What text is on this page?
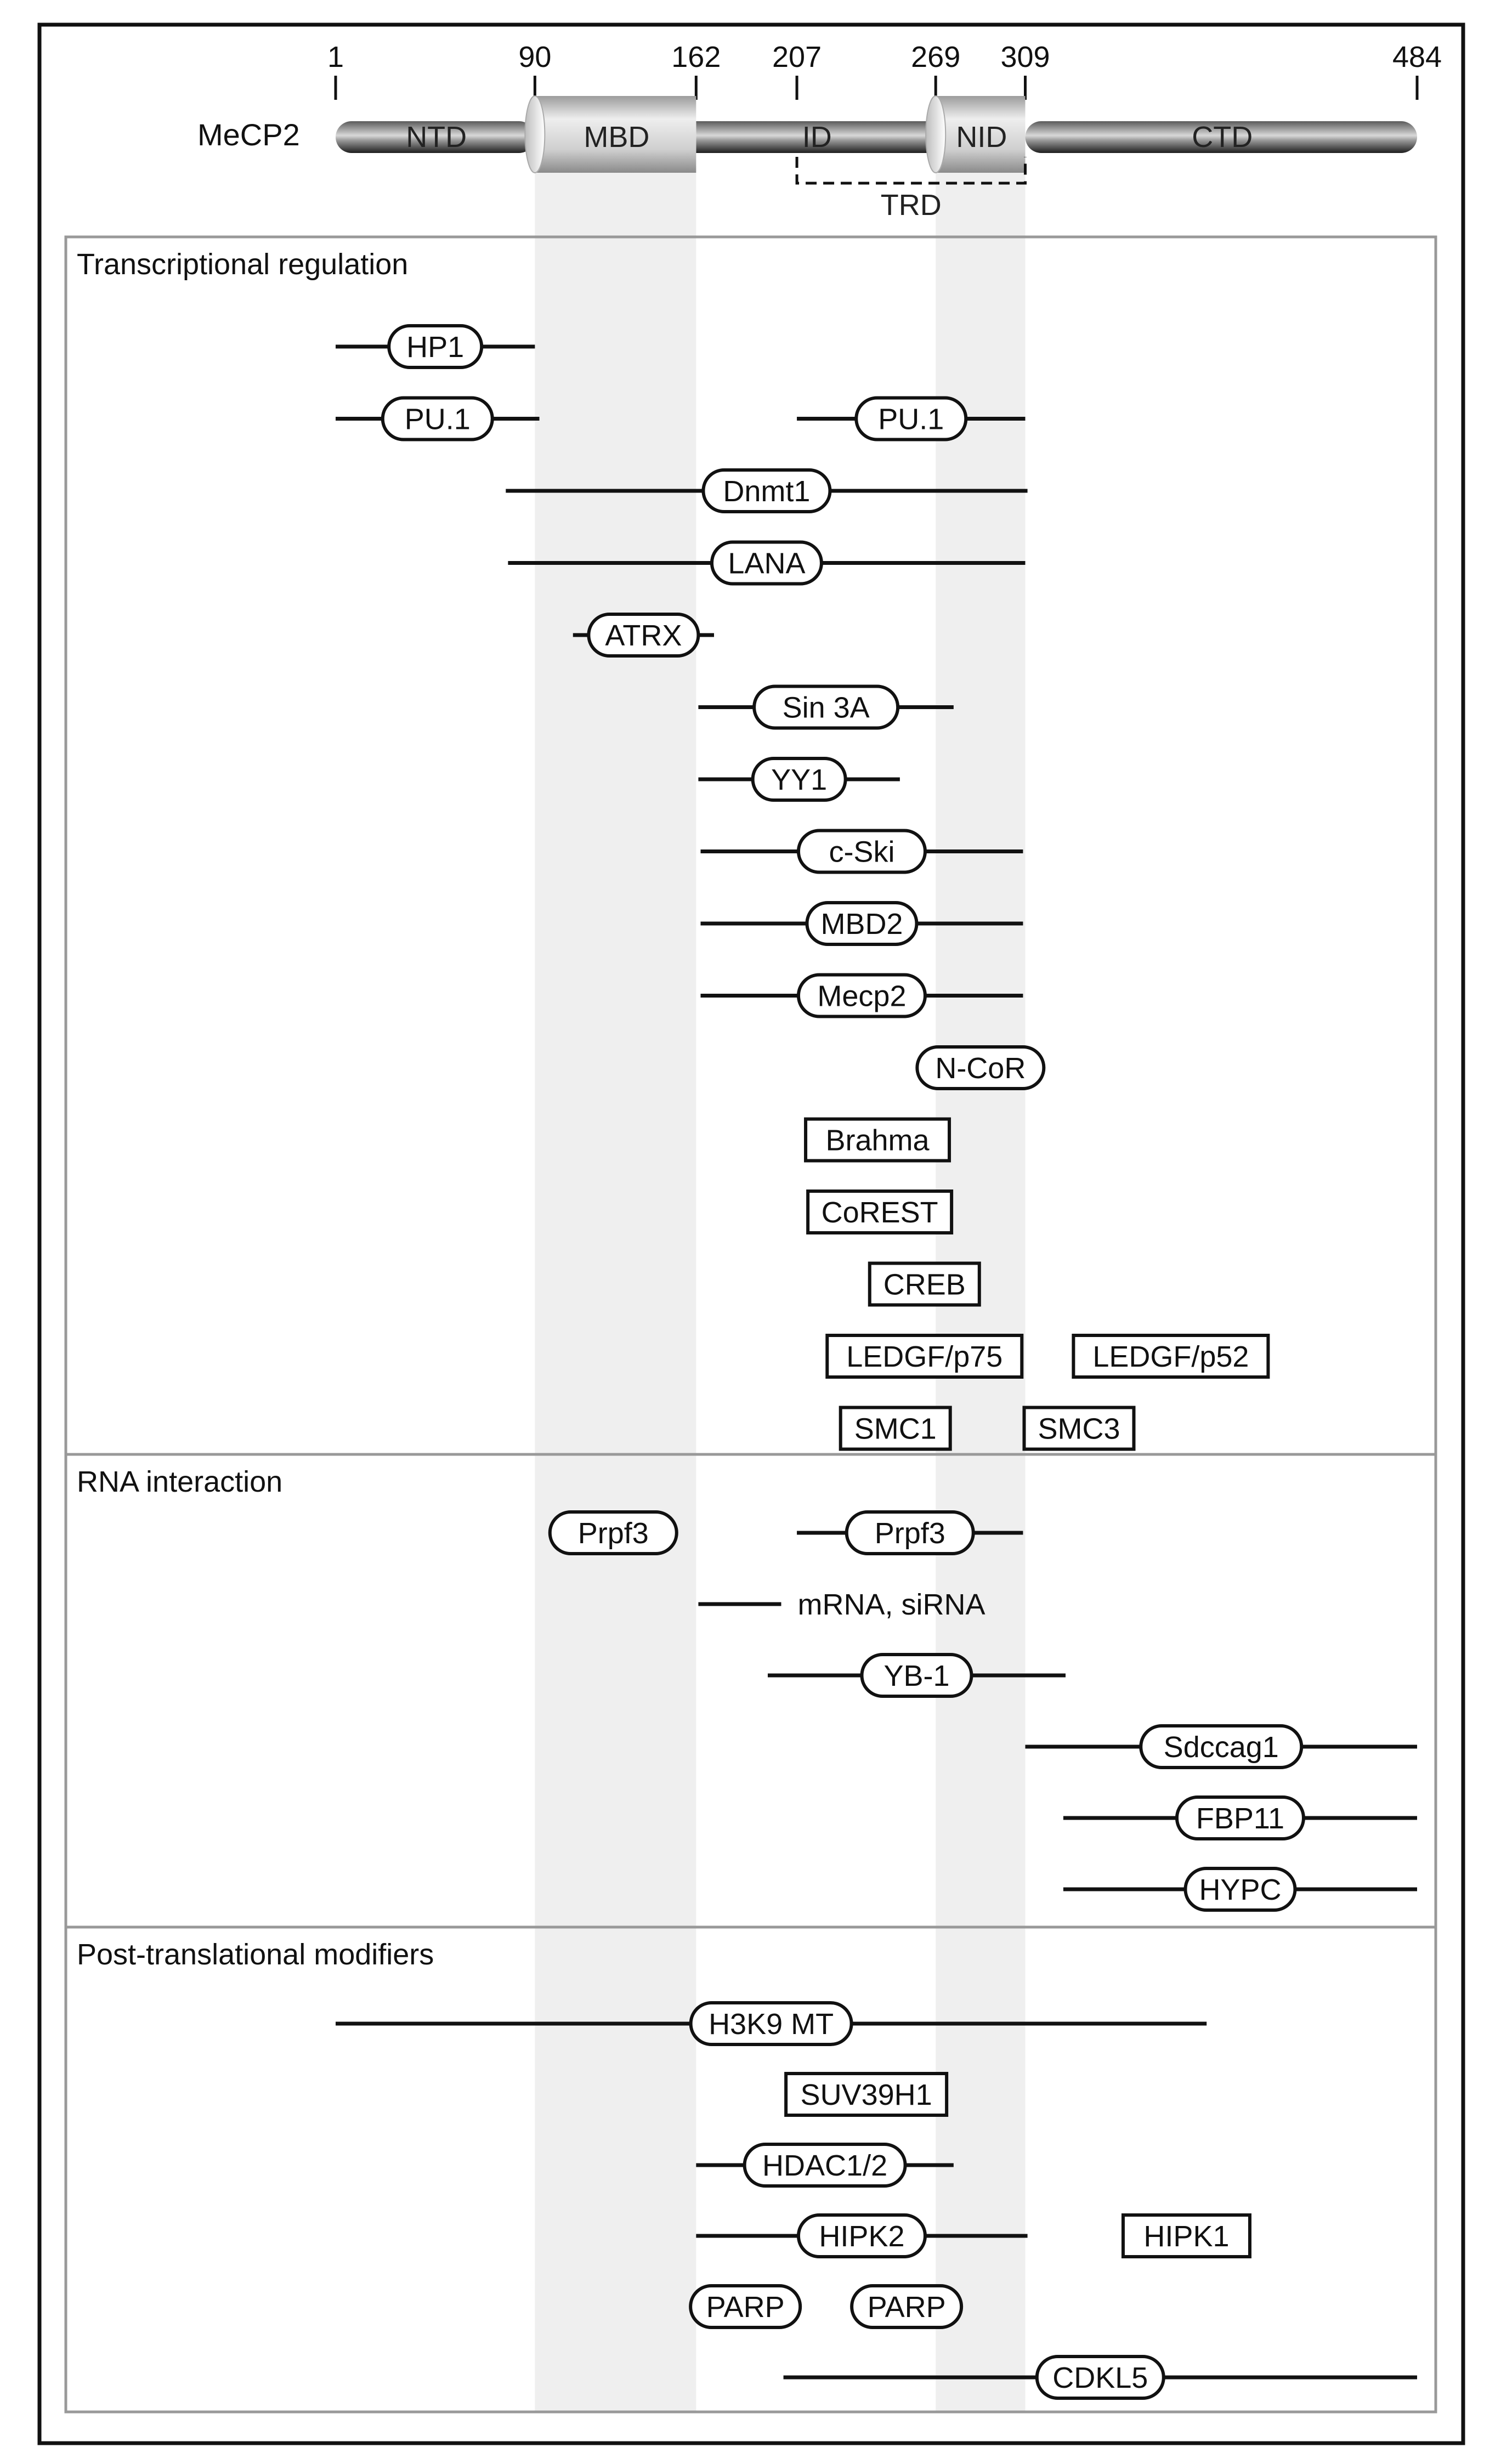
MeCP2
1	90	162 207	269 309	484
NTD	MBD	ID	NID	CTD
TRD
Transcriptional regulation
HP1
PU.1	PU.1
Dnmt1
LANA
ATRX
Sin 3A
YY1
c-Ski
MBD2
Mecp2
N-CoR
Brahma
CoREST
CREB
LEDGF/p75	LEDGF/p52
SMC1	SMC3
RNA interaction
Prpf3	Prpf3
mRNA, siRNA
YB-1
Sdccag1
FBP11
HYPC
Post-translational modifiers
H3K9 MT
SUV39H1
HDAC1/2
HIPK2	HIPK1
PARP	PARP
CDKL5
